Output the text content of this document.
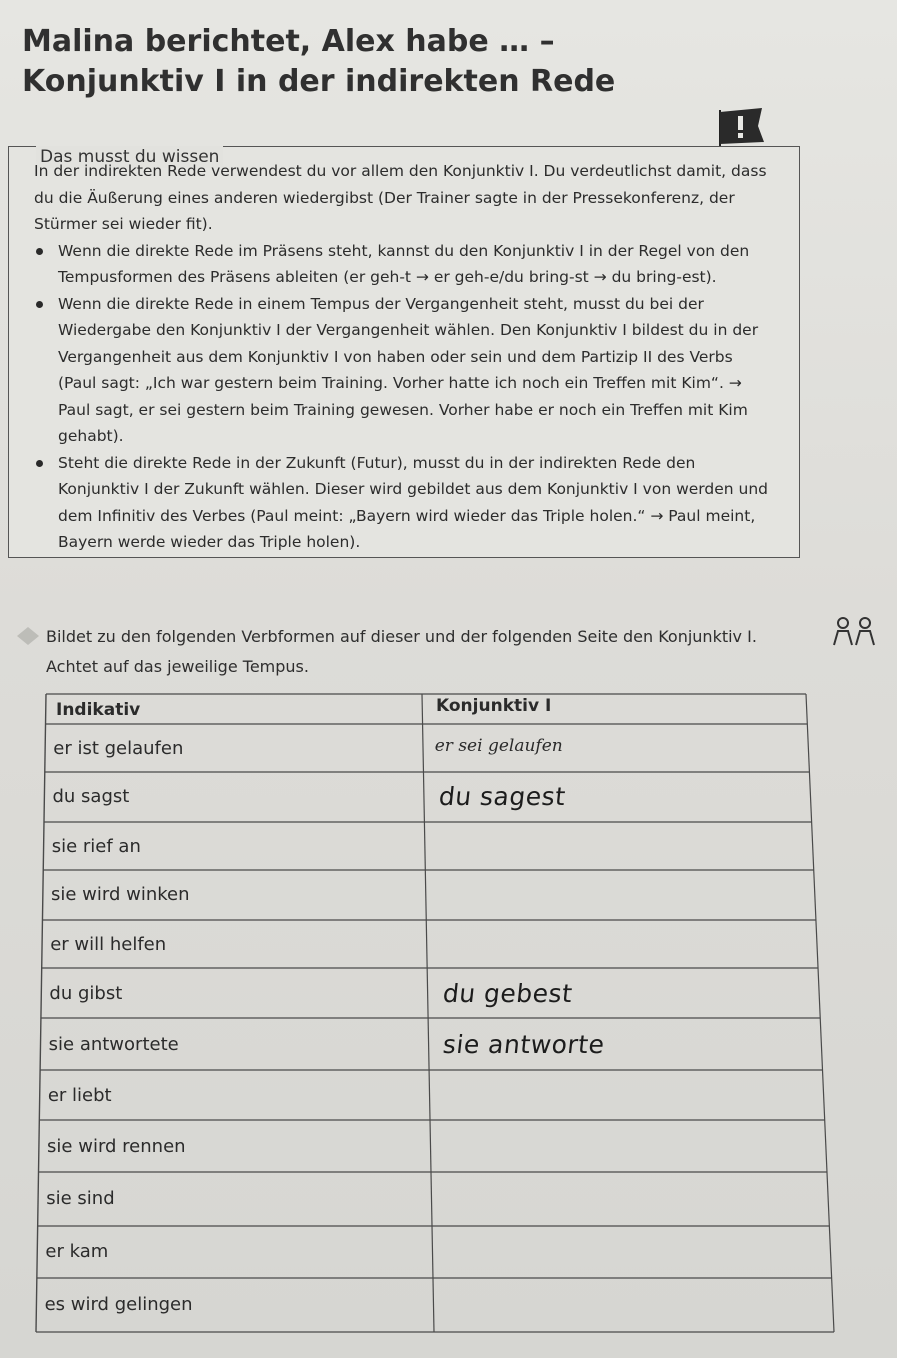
Malina berichtet, Alex habe … – Konjunktiv I in der indirekten Rede
Das musst du wissen

In der indirekten Rede verwendest du vor allem den Konjunktiv I. Du verdeutlichst damit, dass du die Äußerung eines anderen wiedergibst (Der Trainer sagte in der Pressekonferenz, der Stürmer sei wieder fit).

Wenn die direkte Rede im Präsens steht, kannst du den Konjunktiv I in der Regel von den Tempusformen des Präsens ableiten (er geh-t → er geh-e/du bring-st → du bring-est).
Wenn die direkte Rede in einem Tempus der Vergangenheit steht, musst du bei der Wiedergabe den Konjunktiv I der Vergangenheit wählen. Den Konjunktiv I bildest du in der Vergangenheit aus dem Konjunktiv I von haben oder sein und dem Partizip II des Verbs (Paul sagt: „Ich war gestern beim Training. Vorher hatte ich noch ein Treffen mit Kim“. → Paul sagt, er sei gestern beim Training gewesen. Vorher habe er noch ein Treffen mit Kim gehabt).
Steht die direkte Rede in der Zukunft (Futur), musst du in der indirekten Rede den Konjunktiv I der Zukunft wählen. Dieser wird gebildet aus dem Konjunktiv I von werden und dem Infinitiv des Verbes (Paul meint: „Bayern wird wieder das Triple holen.“ → Paul meint, Bayern werde wieder das Triple holen).
Bildet zu den folgenden Verbformen auf dieser und der folgenden Seite den Konjunktiv I.
Achtet auf das jeweilige Tempus.
Indikativ	Konjunktiv I
er ist gelaufen	er sei gelaufen
du sagst	du sagest
sie rief an
sie wird winken
er will helfen
du gibst	du gebest
sie antwortete	sie antworte
er liebt
sie wird rennen
sie sind
er kam
es wird gelingen
